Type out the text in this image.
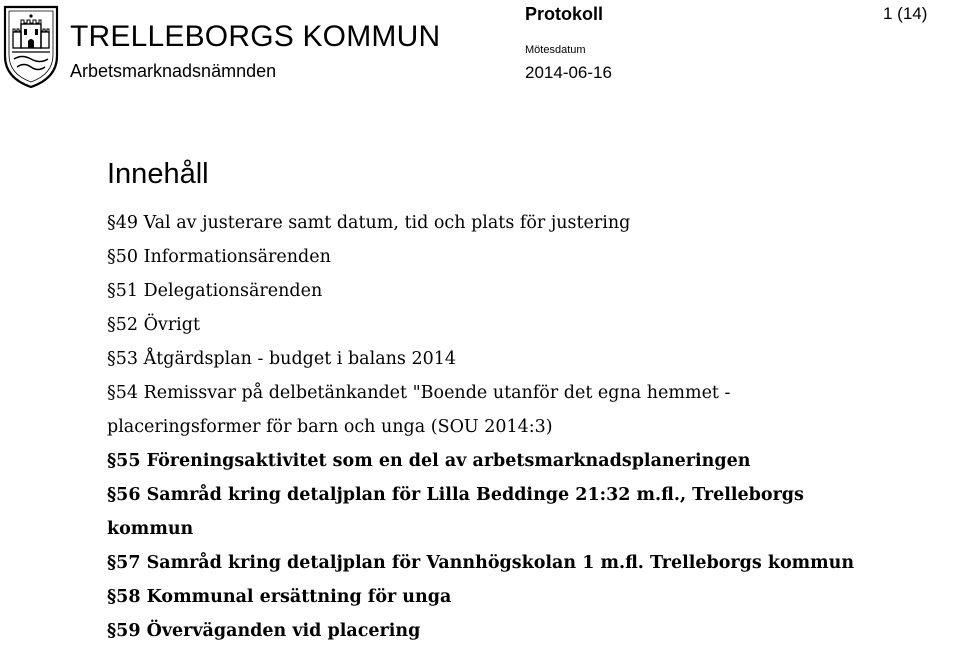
TRELLEBORGS KOMMUN
Arbetsmarknadsnämnden
Protokoll	1 (14)
Mötesdatum
2014-06-16
Innehåll
§49 Val av justerare samt datum, tid och plats för justering
§50 Informationsärenden
§51 Delegationsärenden
§52 Övrigt
§53 Åtgärdsplan - budget i balans 2014
§54 Remissvar på delbetänkandet "Boende utanför det egna hemmet -
placeringsformer för barn och unga (SOU 2014:3)
§55 Föreningsaktivitet som en del av arbetsmarknadsplaneringen
§56 Samråd kring detaljplan för Lilla Beddinge 21:32 m.fl., Trelleborgs
kommun
§57 Samråd kring detaljplan för Vannhögskolan 1 m.fl. Trelleborgs kommun
§58 Kommunal ersättning för unga
§59 Överväganden vid placering
